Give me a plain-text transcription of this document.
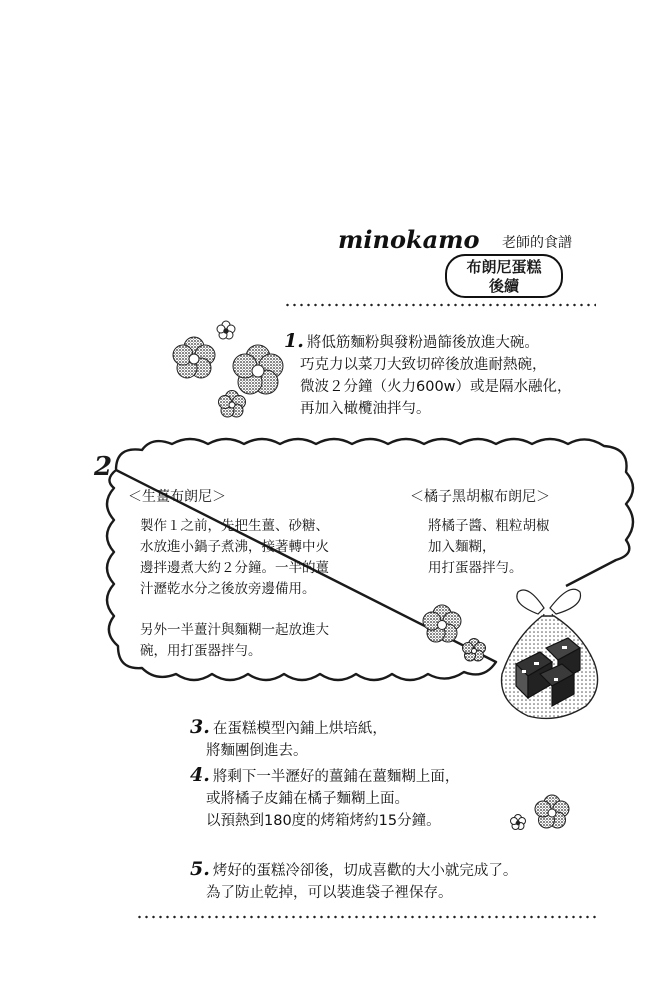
minokamo 老師的食譜
布朗尼蛋糕
後續
1. 將低筋麵粉與發粉過篩後放進大碗。
巧克力以菜刀大致切碎後放進耐熱碗，
微波２分鐘（火力600w）或是隔水融化，
再加入橄欖油拌勻。
2
＜生薑布朗尼＞
製作１之前，先把生薑、砂糖、
水放進小鍋子煮沸，接著轉中火
邊拌邊煮大約２分鐘。一半的薑
汁瀝乾水分之後放旁邊備用。
另外一半薑汁與麵糊一起放進大
碗，用打蛋器拌勻。
＜橘子黑胡椒布朗尼＞
將橘子醬、粗粒胡椒
加入麵糊，
用打蛋器拌勻。
3. 在蛋糕模型內鋪上烘培紙，
將麵團倒進去。
4. 將剩下一半瀝好的薑鋪在薑麵糊上面，
或將橘子皮鋪在橘子麵糊上面。
以預熱到180度的烤箱烤約15分鐘。
5. 烤好的蛋糕冷卻後，切成喜歡的大小就完成了。
為了防止乾掉，可以裝進袋子裡保存。
